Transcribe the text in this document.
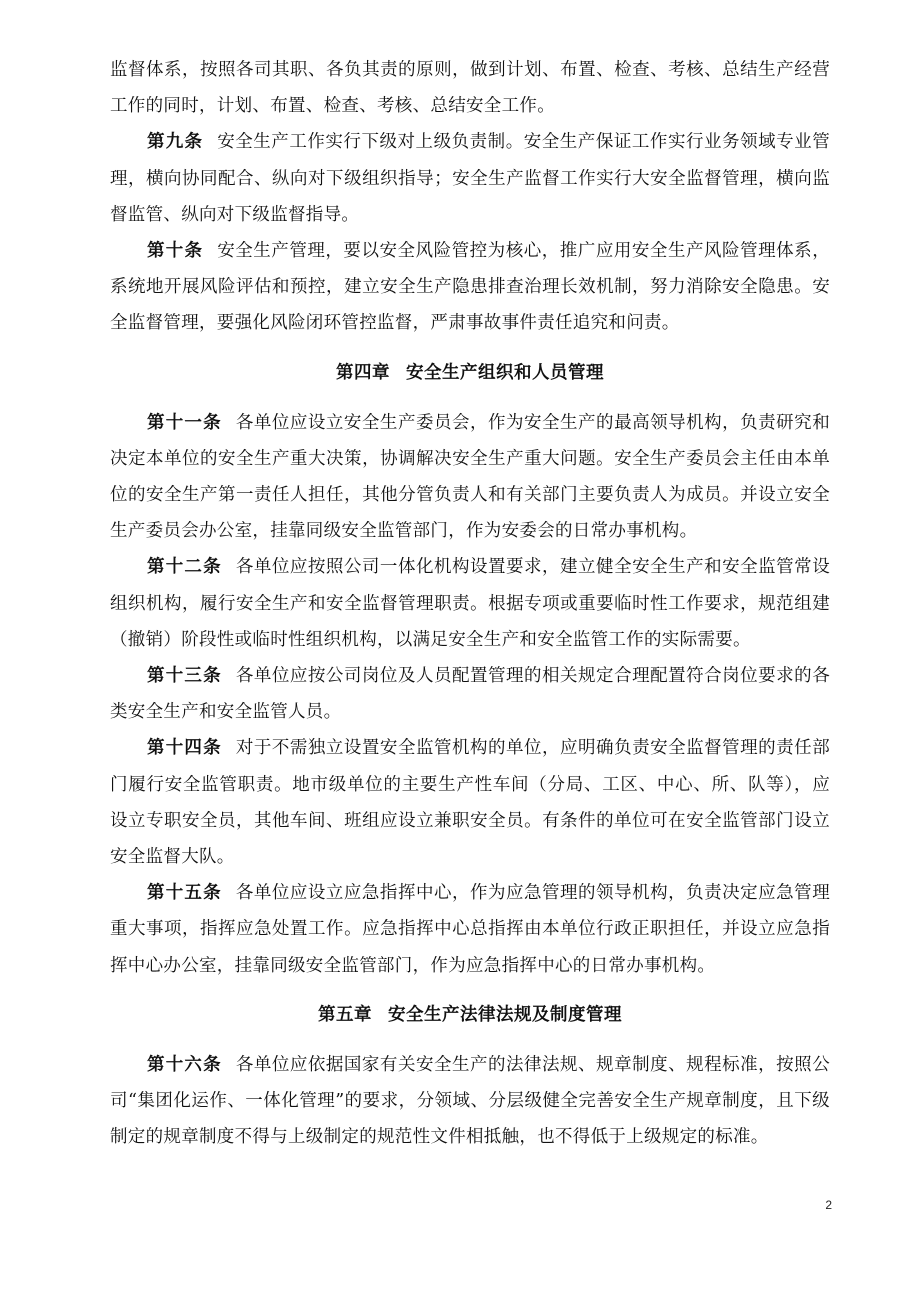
监督体系，按照各司其职、各负其责的原则，做到计划、布置、检查、考核、总结生产经营工作的同时，计划、布置、检查、考核、总结安全工作。

第九条 安全生产工作实行下级对上级负责制。安全生产保证工作实行业务领域专业管理，横向协同配合、纵向对下级组织指导；安全生产监督工作实行大安全监督管理，横向监督监管、纵向对下级监督指导。

第十条 安全生产管理，要以安全风险管控为核心，推广应用安全生产风险管理体系，系统地开展风险评估和预控，建立安全生产隐患排查治理长效机制，努力消除安全隐患。安全监督管理，要强化风险闭环管控监督，严肃事故事件责任追究和问责。

第四章 安全生产组织和人员管理

第十一条 各单位应设立安全生产委员会，作为安全生产的最高领导机构，负责研究和决定本单位的安全生产重大决策，协调解决安全生产重大问题。安全生产委员会主任由本单位的安全生产第一责任人担任，其他分管负责人和有关部门主要负责人为成员。并设立安全生产委员会办公室，挂靠同级安全监管部门，作为安委会的日常办事机构。

第十二条 各单位应按照公司一体化机构设置要求，建立健全安全生产和安全监管常设组织机构，履行安全生产和安全监督管理职责。根据专项或重要临时性工作要求，规范组建（撤销）阶段性或临时性组织机构，以满足安全生产和安全监管工作的实际需要。

第十三条 各单位应按公司岗位及人员配置管理的相关规定合理配置符合岗位要求的各类安全生产和安全监管人员。

第十四条 对于不需独立设置安全监管机构的单位，应明确负责安全监督管理的责任部门履行安全监管职责。地市级单位的主要生产性车间（分局、工区、中心、所、队等），应设立专职安全员，其他车间、班组应设立兼职安全员。有条件的单位可在安全监管部门设立安全监督大队。

第十五条 各单位应设立应急指挥中心，作为应急管理的领导机构，负责决定应急管理重大事项，指挥应急处置工作。应急指挥中心总指挥由本单位行政正职担任，并设立应急指挥中心办公室，挂靠同级安全监管部门，作为应急指挥中心的日常办事机构。

第五章 安全生产法律法规及制度管理

第十六条 各单位应依据国家有关安全生产的法律法规、规章制度、规程标准，按照公司“集团化运作、一体化管理”的要求，分领域、分层级健全完善安全生产规章制度，且下级制定的规章制度不得与上级制定的规范性文件相抵触，也不得低于上级规定的标准。

2
